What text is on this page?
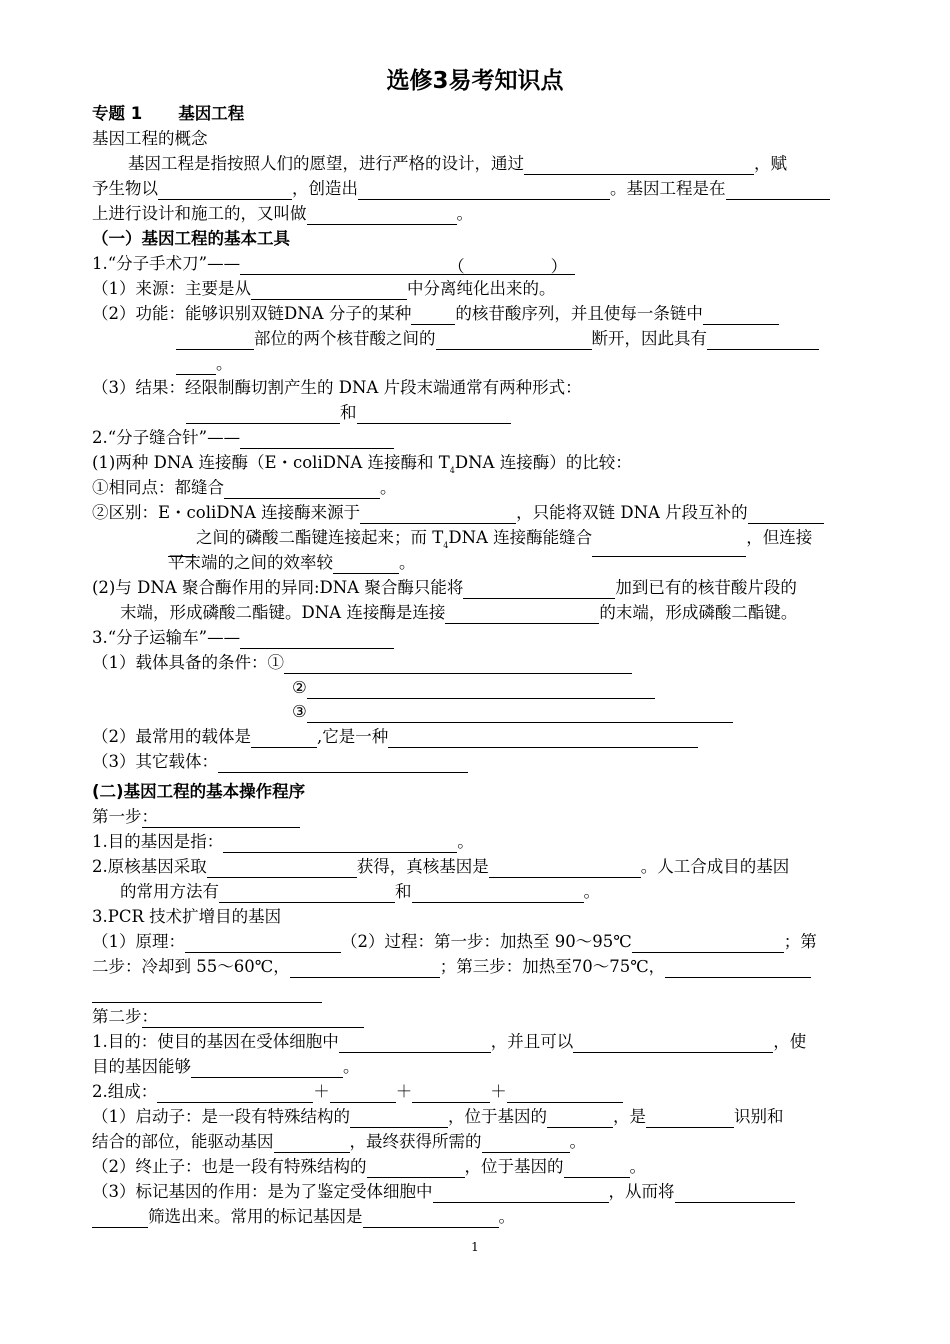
选修3易考知识点
专题 1 基因工程
基因工程的概念
基因工程是指按照人们的愿望，进行严格的设计，通过	，赋
予生物以	，创造出	。基因工程是在
上进行设计和施工的，又叫做	。
（一）基因工程的基本工具
1.“分子手术刀”——	（	）
（1）来源：主要是从	中分离纯化出来的。
（2）功能：能够识别双链DNA 分子的某种	的核苷酸序列，并且使每一条链中
部位的两个核苷酸之间的	断开，因此具有
。
（3）结果：经限制酶切割产生的 DNA 片段末端通常有两种形式：
和
2.“分子缝合针”——
(1)两种 DNA 连接酶（E・coliDNA 连接酶和 $T_4DNA$ 连接酶）的比较：
①相同点：都缝合	。
②区别：E・coliDNA 连接酶来源于	，只能将双链 DNA 片段互补的
之间的磷酸二酯键连接起来；而 $T_4DNA$ 连接酶能缝合	，但连接
平末端的之间的效率较	。
(2)与 DNA 聚合酶作用的异同:DNA 聚合酶只能将	加到已有的核苷酸片段的
末端，形成磷酸二酯键。DNA 连接酶是连接	的末端，形成磷酸二酯键。
3.“分子运输车”——
（1）载体具备的条件：①
②
③
（2）最常用的载体是	,它是一种
（3）其它载体：
(二)基因工程的基本操作程序
第一步：
1.目的基因是指：	。
2.原核基因采取	获得，真核基因是	。人工合成目的基因
的常用方法有	和	。
3.PCR 技术扩增目的基因
（1）原理：	（2）过程：第一步：加热至 90～95℃	；第
二步：冷却到 55～60℃，	；第三步：加热至70～75℃，
第二步：
1.目的：使目的基因在受体细胞中	，并且可以	，使
目的基因能够	。
2.组成：	＋	＋	＋
（1）启动子：是一段有特殊结构的	，位于基因的	，是	识别和
结合的部位，能驱动基因	，最终获得所需的	。
（2）终止子：也是一段有特殊结构的	，位于基因的	。
（3）标记基因的作用：是为了鉴定受体细胞中	，从而将
筛选出来。常用的标记基因是	。
1
